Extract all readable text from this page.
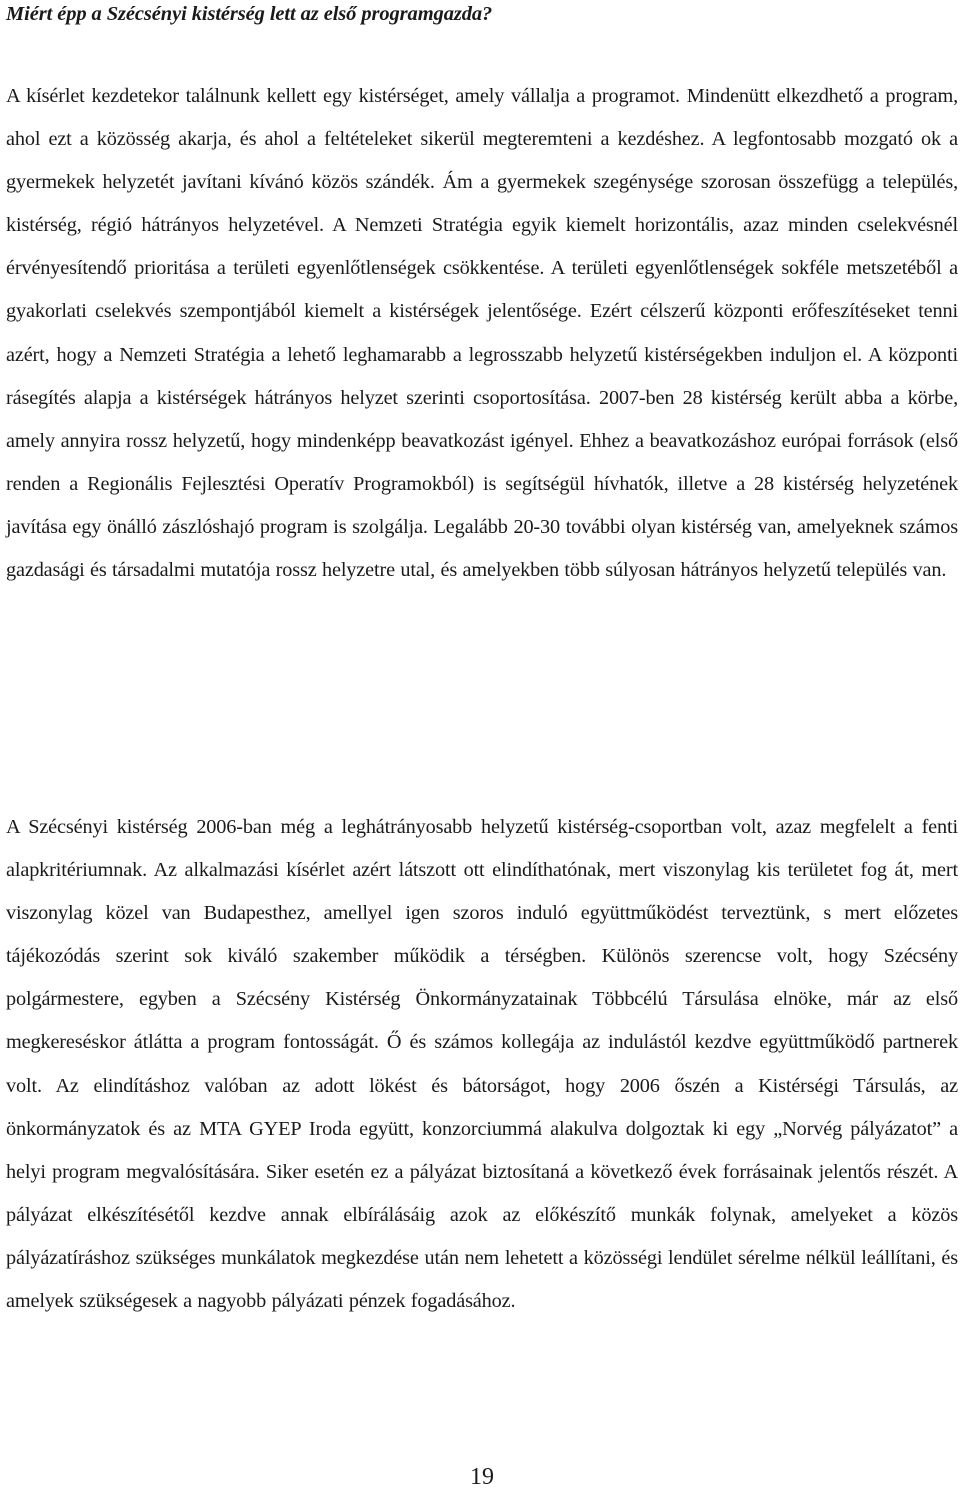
Miért épp a Szécsényi kistérség lett az első programgazda?

A kísérlet kezdetekor találnunk kellett egy kistérséget, amely vállalja a programot. Mindenütt elkezdhető a program, ahol ezt a közösség akarja, és ahol a feltételeket sikerül megteremteni a kezdéshez. A legfontosabb mozgató ok a gyermekek helyzetét javítani kívánó közös szándék. Ám a gyermekek szegénysége szorosan összefügg a település, kistérség, régió hátrányos helyzetével. A Nemzeti Stratégia egyik kiemelt horizontális, azaz minden cselekvésnél érvényesítendő prioritása a területi egyenlőtlenségek csökkentése. A területi egyenlőtlenségek sokféle metszetéből a gyakorlati cselekvés szempontjából kiemelt a kistérségek jelentősége. Ezért célszerű központi erőfeszítéseket tenni azért, hogy a Nemzeti Stratégia a lehető leghamarabb a legrosszabb helyzetű kistérségekben induljon el. A központi rásegítés alapja a kistérségek hátrányos helyzet szerinti csoportosítása. 2007-ben 28 kistérség került abba a körbe, amely annyira rossz helyzetű, hogy mindenképp beavatkozást igényel. Ehhez a beavatkozáshoz európai források (első renden a Regionális Fejlesztési Operatív Programokból) is segítségül hívhatók, illetve a 28 kistérség helyzetének javítása egy önálló zászlóshajó program is szolgálja. Legalább 20-30 további olyan kistérség van, amelyeknek számos gazdasági és társadalmi mutatója rossz helyzetre utal, és amelyekben több súlyosan hátrányos helyzetű település van.

A Szécsényi kistérség 2006-ban még a leghátrányosabb helyzetű kistérség-csoportban volt, azaz megfelelt a fenti alapkritériumnak. Az alkalmazási kísérlet azért látszott ott elindíthatónak, mert viszonylag kis területet fog át, mert viszonylag közel van Budapesthez, amellyel igen szoros induló együttműködést terveztünk, s mert előzetes tájékozódás szerint sok kiváló szakember működik a térségben. Különös szerencse volt, hogy Szécsény polgármestere, egyben a Szécsény Kistérség Önkormányzatainak Többcélú Társulása elnöke, már az első megkereséskor átlátta a program fontosságát. Ő és számos kollegája az indulástól kezdve együttműködő partnerek volt. Az elindításhoz valóban az adott lökést és bátorságot, hogy 2006 őszén a Kistérségi Társulás, az önkormányzatok és az MTA GYEP Iroda együtt, konzorciummá alakulva dolgoztak ki egy „Norvég pályázatot” a helyi program megvalósítására. Siker esetén ez a pályázat biztosítaná a következő évek forrásainak jelentős részét. A pályázat elkészítésétől kezdve annak elbírálásáig azok az előkészítő munkák folynak, amelyeket a közös pályázatíráshoz szükséges munkálatok megkezdése után nem lehetett a közösségi lendület sérelme nélkül leállítani, és amelyek szükségesek a nagyobb pályázati pénzek fogadásához.

19
